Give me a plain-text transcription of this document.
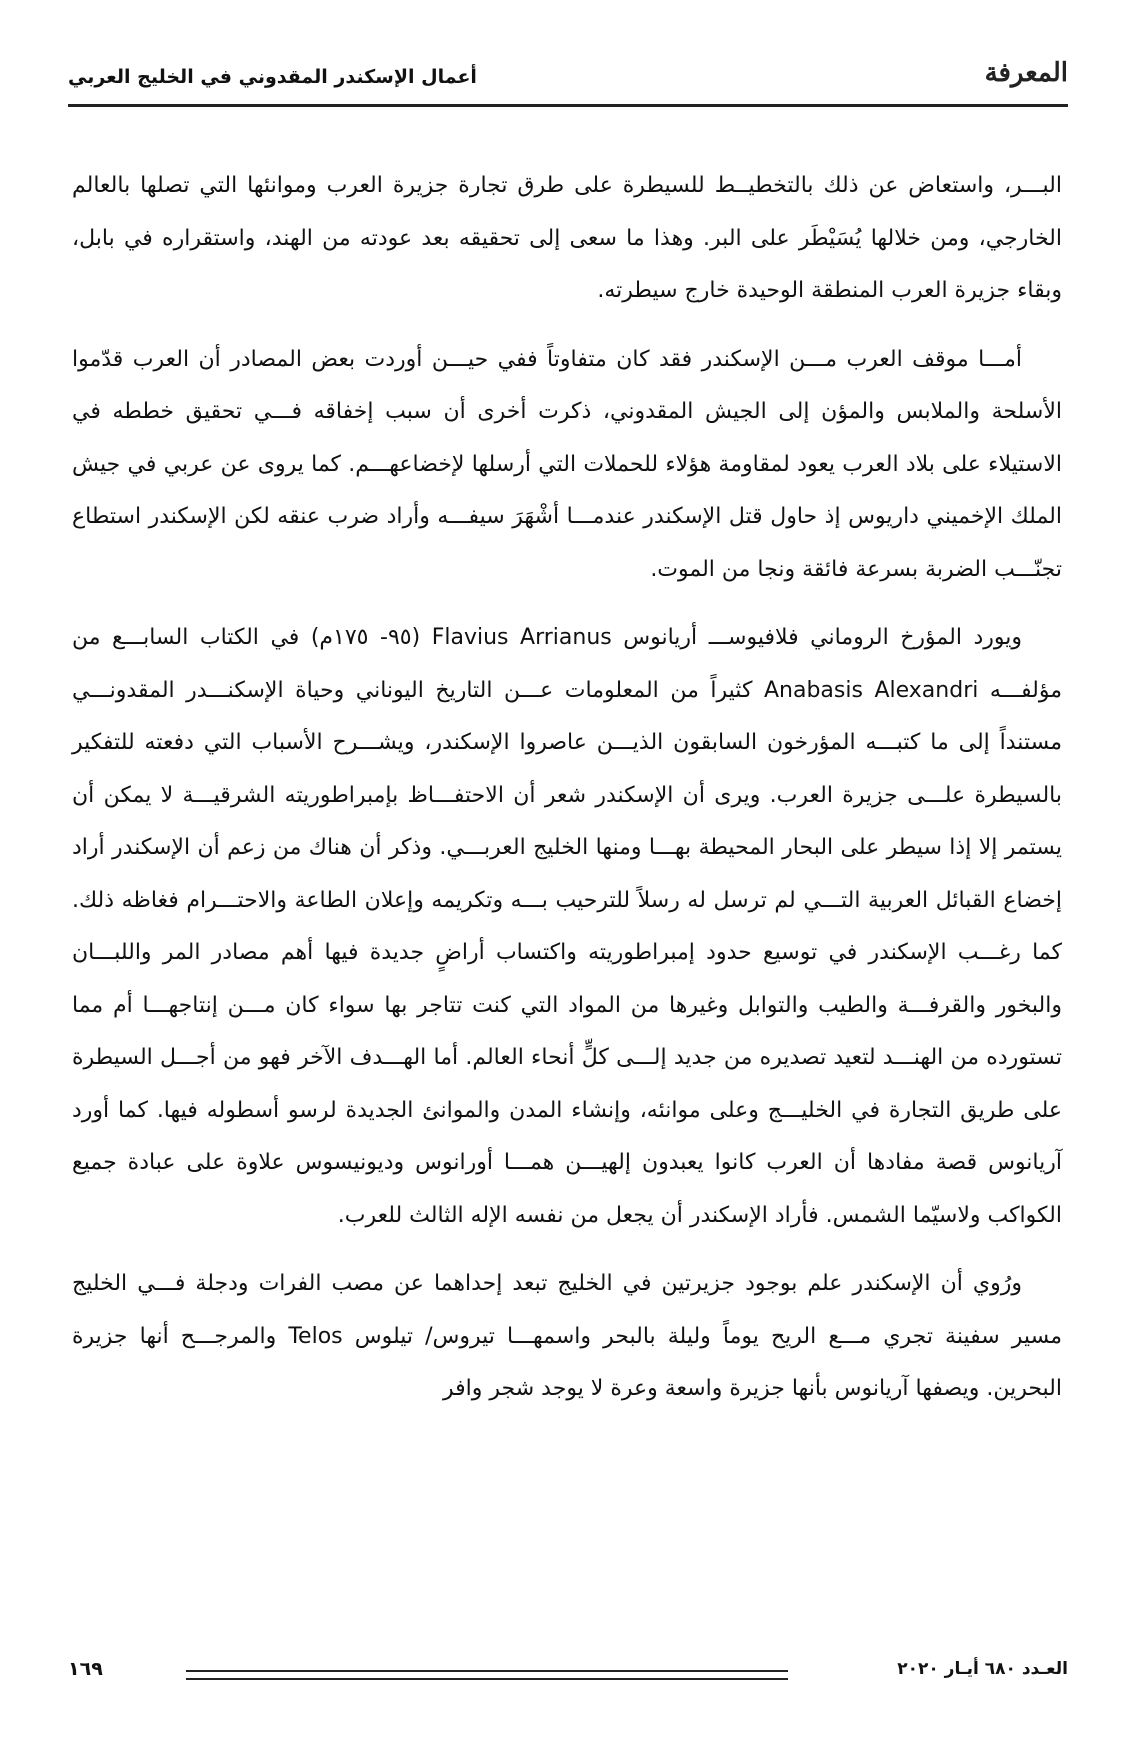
المعرفة
أعمال الإسكندر المقدوني في الخليج العربي

البـــر، واستعاض عن ذلك بالتخطيــط للسيطرة على طرق تجارة جزيرة العرب وموانئها التي تصلها بالعالم الخارجي، ومن خلالها يُسَيْطَر على البر. وهذا ما سعى إلى تحقيقه بعد عودته من الهند، واستقراره في بابل، وبقاء جزيرة العرب المنطقة الوحيدة خارج سيطرته.

أمـــا موقف العرب مـــن الإسكندر فقد كان متفاوتاً ففي حيـــن أوردت بعض المصادر أن العرب قدّموا الأسلحة والملابس والمؤن إلى الجيش المقدوني، ذكرت أخرى أن سبب إخفاقه فـــي تحقيق خططه في الاستيلاء على بلاد العرب يعود لمقاومة هؤلاء للحملات التي أرسلها لإخضاعهـــم. كما يروى عن عربي في جيش الملك الإخميني داريوس إذ حاول قتل الإسكندر عندمـــا أشْهَرَ سيفـــه وأراد ضرب عنقه لكن الإسكندر استطاع تجنّـــب الضربة بسرعة فائقة ونجا من الموت.

ويورد المؤرخ الروماني فلافيوســـ أريانوس Flavius Arrianus (٩٥- ١٧٥م) في الكتاب السابـــع من مؤلفـــه Anabasis Alexandri كثيراً من المعلومات عـــن التاريخ اليوناني وحياة الإسكنـــدر المقدونـــي مستنداً إلى ما كتبـــه المؤرخون السابقون الذيـــن عاصروا الإسكندر، ويشـــرح الأسباب التي دفعته للتفكير بالسيطرة علـــى جزيرة العرب. ويرى أن الإسكندر شعر أن الاحتفـــاظ بإمبراطوريته الشرقيـــة لا يمكن أن يستمر إلا إذا سيطر على البحار المحيطة بهـــا ومنها الخليج العربـــي. وذكر أن هناك من زعم أن الإسكندر أراد إخضاع القبائل العربية التـــي لم ترسل له رسلاً للترحيب بـــه وتكريمه وإعلان الطاعة والاحتـــرام فغاظه ذلك. كما رغـــب الإسكندر في توسيع حدود إمبراطوريته واكتساب أراضٍ جديدة فيها أهم مصادر المر واللبـــان والبخور والقرفـــة والطيب والتوابل وغيرها من المواد التي كنت تتاجر بها سواء كان مـــن إنتاجهـــا أم مما تستورده من الهنـــد لتعيد تصديره من جديد إلـــى كلٍّ أنحاء العالم. أما الهـــدف الآخر فهو من أجـــل السيطرة على طريق التجارة في الخليـــج وعلى موانئه، وإنشاء المدن والموانئ الجديدة لرسو أسطوله فيها. كما أورد آريانوس قصة مفادها أن العرب كانوا يعبدون إلهيـــن همـــا أورانوس وديونيسوس علاوة على عبادة جميع الكواكب ولاسيّما الشمس. فأراد الإسكندر أن يجعل من نفسه الإله الثالث للعرب.

ورُوي أن الإسكندر علم بوجود جزيرتين في الخليج تبعد إحداهما عن مصب الفرات ودجلة فـــي الخليج مسير سفينة تجري مـــع الريح يوماً وليلة بالبحر واسمهـــا تيروس/ تيلوس Telos والمرجـــح أنها جزيرة البحرين. ويصفها آريانوس بأنها جزيرة واسعة وعرة لا يوجد شجر وافر

١٦٩	العـدد ٦٨٠ أيـار ٢٠٢٠
